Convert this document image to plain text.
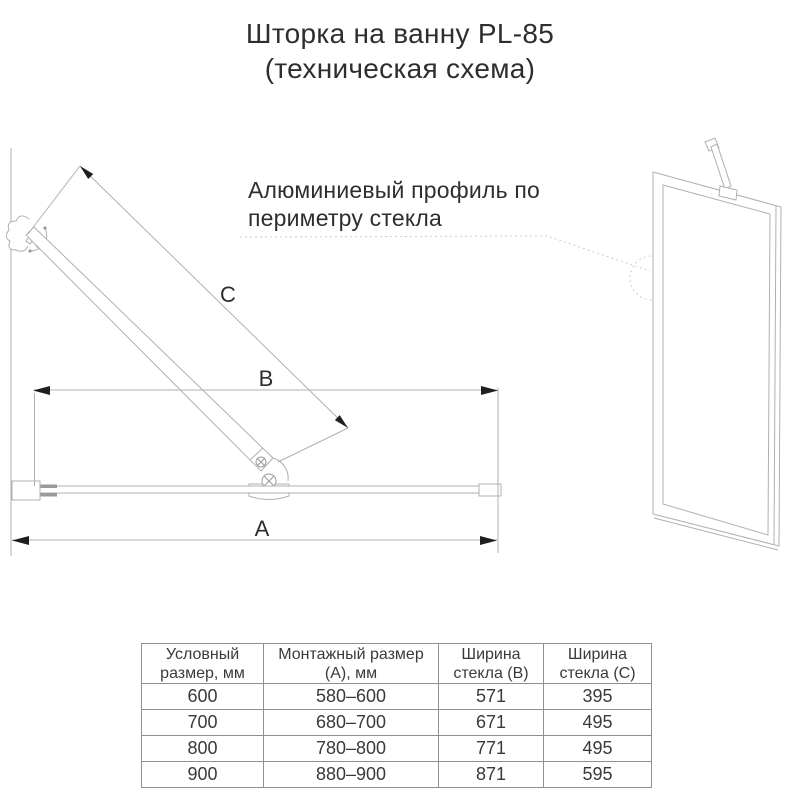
Шторка на ванну PL-85
(техническая схема)
Алюминиевый профиль по
периметру стекла
C
B
A
Условный размер, мм	Монтажный размер (А), мм	Ширина стекла (В)	Ширина стекла (С)
600	580–600	571	395
700	680–700	671	495
800	780–800	771	495
900	880–900	871	595
